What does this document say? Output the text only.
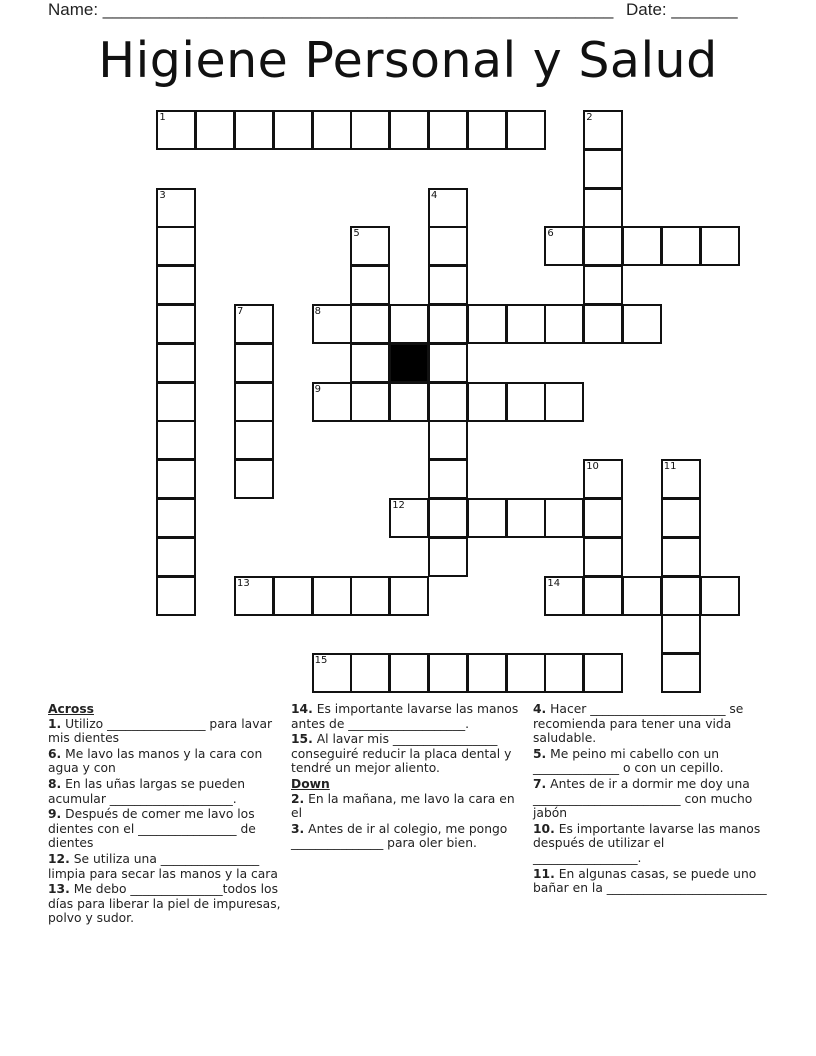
Name: ______________________________________________________ Date: _______
Higiene Personal y Salud
1	2
3	4
5	6
7	8
9
10	11
12
13	14
15
Across
1. Utilizo ________________ para lavar mis dientes
6. Me lavo las manos y la cara con agua y con
8. En las uñas largas se pueden acumular ____________________.
9. Después de comer me lavo los dientes con el ________________ de dientes
12. Se utiliza una ________________ limpia para secar las manos y la cara
13. Me debo _______________todos los días para liberar la piel de impuresas, polvo y sudor.
14. Es importante lavarse las manos antes de ___________________.
15. Al lavar mis _________________ conseguiré reducir la placa dental y tendré un mejor aliento.
Down
2. En la mañana, me lavo la cara en el
3. Antes de ir al colegio, me pongo _______________ para oler bien.
4. Hacer ______________________ se recomienda para tener una vida saludable.
5. Me peino mi cabello con un ______________ o con un cepillo.
7. Antes de ir a dormir me doy una ________________________ con mucho jabón
10. Es importante lavarse las manos después de utilizar el _________________.
11. En algunas casas, se puede uno bañar en la __________________________
